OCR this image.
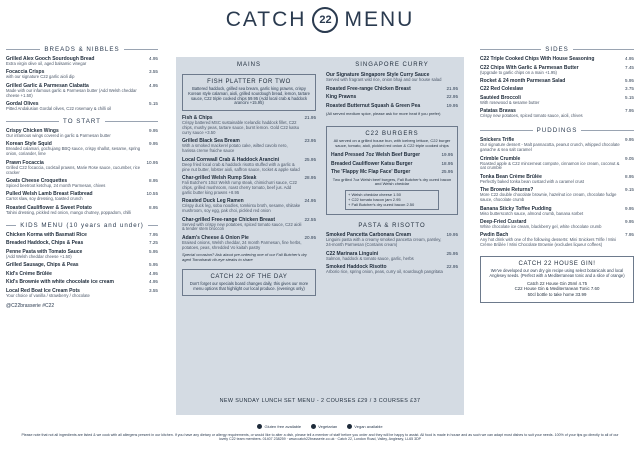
CATCH	22 MENU
BREADS & NIBBLES
Grilled Alex Gooch Sourdough Bread
Extra virgin olive oil, aged balsamic vinegar
4.95
Focaccia Crisps
with our signature C22 garlic aioli dip
3.55
Grilled Garlic & Parmesan Ciabatta
Made with our infamous garlic & Parmesan butter (Add Welsh cheddar cheese +1.50)
4.95
Gordal Olives
Pitted Andalusian Gordal olives, C22 rosemary & chilli oil
5.15
TO START
Crispy Chicken Wings
Our infamous wings covered in garlic & Parmesan butter
9.95
Korean Style Squid
Breaded calamari, gochujang BBQ sauce, crispy shallot, sesame, spring onion, coriander, lime
9.95
Prawn Focaccia
Grilled C22 focaccia, cocktail prawns, Marie Rose sauce, cucumber, rice cracker
10.95
Goats Cheese Croquettes
Spiced beetroot ketchup, 24 month Parmesan, chives
8.95
Pulled Welsh Lamb Breast Flatbread
Carrot slaw, soy dressing, toasted crunch
10.55
Roasted Cauliflower & Sweet Potato
Tahini dressing, pickled red onion, mango chutney, poppadom, chilli
8.95
KIDS MENU (10 years and under)
Chicken Korma with Basmati Rice	7.95
Breaded Haddock, Chips & Peas	7.25
Penne Pasta with Tomato Sauce
(Add Welsh cheddar cheese +1.50)
5.95
Grilled Sausage, Chips & Peas	5.95
Kid's Crème Brûlée	4.95
Kid's Brownie with white chocolate ice cream	4.95
Local Red Boat Ice Cream Pots
Your choice of vanilla / strawberry / chocolate
3.55
@C22brasserie #C22
MAINS
FISH PLATTER FOR TWO
Battered haddock, grilled sea bream, garlic king prawns, crispy Korean style calamari, aioli, grilled sourdough bread, lemon, tartare sauce, C22 triple cooked chips 59.95 (Add local crab & haddock arancini +15.95)
Fish & Chips
Crispy battered MSC sustainable Icelandic haddock fillet, C22 chips, mushy peas, tartare sauce, burnt lemon. Gold C22 katsu curry sauce +3.50
21.95
Grilled Black Sea Bream
With a smoked mackerel potato cake, wilted cavolo nero, harissa creme fraiche sauce
23.95
Local Cornwall Crab & Haddock Arancini
Deep fried local crab & haddock risotto stuffed with a garlic & pine nut butter, lobster aioli, saffron sauce, rocket & apple salad
25.95
Char-grilled Welsh Rump Steak
Fali Butcher's 10oz Welsh rump steak, chimichurri sauce, C22 chips, grilled mushroom, roast cherry tomato, beef jus. Add garlic butter king prawns +8.95
28.95
Roasted Duck Leg Ramen
Crispy duck leg, soba noodles, tomkintu broth, sesame, shiitake mushroom, soy egg, pak choi, pickled red onion
24.95
Char-grilled Free-range Chicken Breast
Served with crispy new potatoes, spiced tomato sauce, C22 aioli & tender stem broccoli
22.55
Adam's Cheese & Onion Pie
Braised onions, Welsh cheddar, 24 month Parmesan, fine herbs, potatoes, peas, shredded Vo kaitah pastry
20.95
Special occasion? Ask about pre-ordering one of our Fali Butcher's dry aged Tomahawk rib-eye steaks to share
CATCH 22 OF THE DAY
Don't forget our specials board changes daily, this gives our more menu options that highlight our local produce. (evenings only)
SINGAPORE CURRY
Our Signature Singapore Style Curry Sauce
Served with fragrant wild rice, onion bhaji and our house salad
Roasted Free-range Chicken Breast	21.95
King Prawns	22.95
Roasted Butternut Squash & Green Pea	19.95
(All served medium spice, please ask for more heat if you prefer)
C22 BURGERS
All served on a grilled house bun, with iceberg lettuce, C22 burger sauce, tomato, aioli, pickled red onion & C22 triple cooked chips
Hand Pressed 7oz Welsh Beef Burger	19.95
Breaded Cauliflower Katsu Burger	18.95
The 'Flappy Mc Flap Face' Burger	25.95
Two grilled 7oz Welsh beef burgers, Fali Butcher's dry cured bacon and Welsh cheddar
+ Welsh cheddar cheese 1.50
+ C22 tomato bacon jam 2.95
+ Fali Butcher's dry cured bacon 2.50
PASTA & RISOTTO
Smoked Pancetta Carbonara Cream
Linguini pasta with a creamy smoked pancetta cream, parsley, 24-month Parmesan (Contains cream)
19.95
C22 Marinara Linguini
Salmon, haddock & tomato sauce, garlic, herbs
25.95
Smoked Haddock Risotto
Arborio rice, spring onion, peas, curry oil, sourdough pangritata
22.95
NEW SUNDAY LUNCH SET MENU - 2 COURSES £29 / 3 COURSES £37
SIDES
C22 Triple Cooked Chips With House Seasoning	4.95
C22 Chips With Garlic & Parmesan Butter
(Upgrade to garlic chips on a main +1.95)
7.45
Rocket & 24 month Parmesan Salad	5.95
C22 Red Coleslaw	3.75
Sautéed Broccoli
With rosewood & sesame butter
5.15
Patatas Bravas
Crispy new potatoes, spiced tomato sauce, aioli, chives
7.95
PUDDINGS
Snickers Trifle
Our signature dessert - Malt pannacotta, peanut crunch, whipped chocolate ganache & sea salt caramel
9.95
Crimble Crumble
Roasted apple & C22 mincemeat compote, cinnamon ice cream, coconut & oat crumble
9.05
Tonka Bean Crème Brûlée
Perfectly baked tonka bean custard with a caramel crust
8.95
The Brownie Returns?
More C22 double chocolate brownie, hazelnut ice cream, chocolate fudge sauce, chocolate crumb
9.15
Banana Sticky Toffee Pudding
Miso butterscotch sauce, almond crumb, banana sorbet
9.95
Deep-Fried Custard
White chocolate ice cream, blackberry gel, white chocolate crumb
9.95
Pwdin Bach
Any hot drink with one of the following desserts: Mini Snickers Trifle / Mini Crème Brûlée / Mini Chocolate Brownie (excludes liqueur coffees)
7.95
CATCH 22 HOUSE GIN!
We've developed our own dry gin recipe using select botanicals and local Anglesey seeds. (Perfect with a Mediterranean tonic and a slice of orange)
Catch 22 House Gin 25ml 4.75
C22 House Gin & Mediterranean Tonic 7.60
50cl bottle to take home 33.99
Gluten free available	Vegetarian	Vegan available
Please note that not all ingredients are listed & we cook with all allergens present in our kitchen. If you have any dietary or allergy requirements, or would like to alter a dish, please tell a member of staff before you order and they will be happy to assist. All food is made in house and as such we can adapt most dishes to suit your needs. 100% of your tips go directly to all of our lovely C22 team members. 01407 238259 · www.catch22brasserie.co.uk · Catch 22, London Road, Valley, Anglesey, LL65 3DP
